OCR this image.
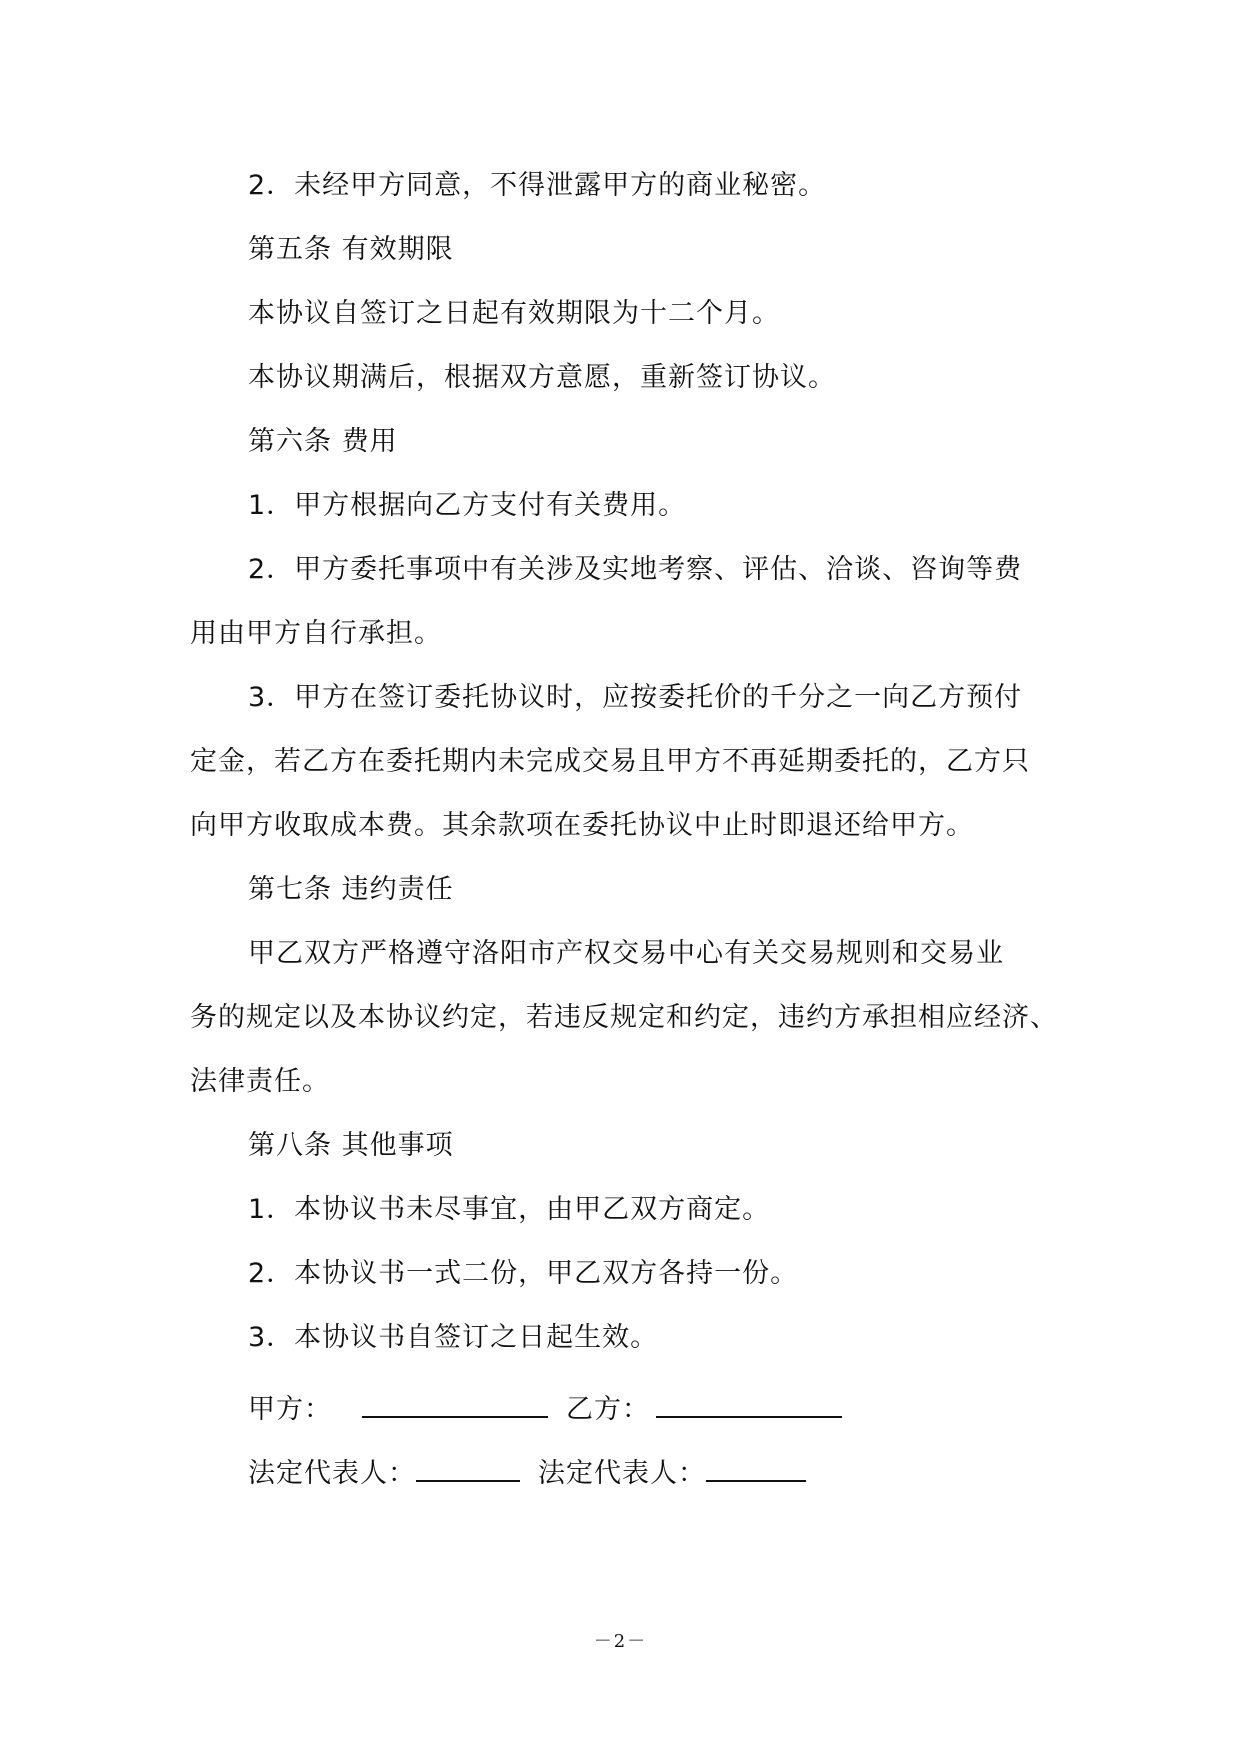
2．未经甲方同意，不得泄露甲方的商业秘密。
第五条 有效期限
本协议自签订之日起有效期限为十二个月。
本协议期满后，根据双方意愿，重新签订协议。
第六条 费用
1．甲方根据向乙方支付有关费用。
2．甲方委托事项中有关涉及实地考察、评估、洽谈、咨询等费
用由甲方自行承担。
3．甲方在签订委托协议时，应按委托价的千分之一向乙方预付
定金，若乙方在委托期内未完成交易且甲方不再延期委托的，乙方只
向甲方收取成本费。其余款项在委托协议中止时即退还给甲方。
第七条 违约责任
甲乙双方严格遵守洛阳市产权交易中心有关交易规则和交易业
务的规定以及本协议约定，若违反规定和约定，违约方承担相应经济、
法律责任。
第八条 其他事项
1．本协议书未尽事宜，由甲乙双方商定。
2．本协议书一式二份，甲乙双方各持一份。
3．本协议书自签订之日起生效。
甲方：	乙方：
法定代表人：	法定代表人：
－2－
